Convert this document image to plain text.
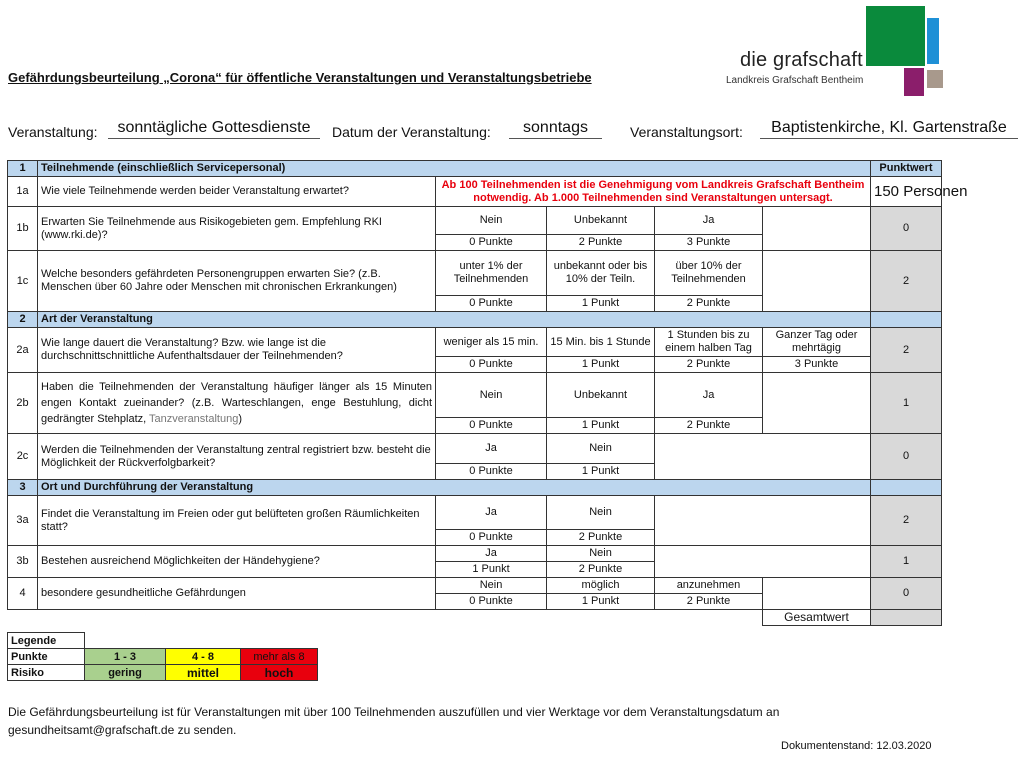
Gefährdungsbeurteilung „Corona“ für öffentliche Veranstaltungen und Veranstaltungsbetriebe
die grafschaft
Landkreis Grafschaft Bentheim
Veranstaltung:	sonntägliche Gottesdienste	Datum der Veranstaltung:	sonntags	Veranstaltungsort:	Baptistenkirche, Kl. Gartenstraße
1	Teilnehmende (einschließlich Servicepersonal)					Punktwert
1a	Wie viele Teilnehmende werden beider Veranstaltung erwartet?	Ab 100 Teilnehmenden ist die Genehmigung vom Landkreis Grafschaft Bentheim notwendig. Ab 1.000 Teilnehmenden sind Veranstaltungen untersagt.				150 Personen
1b	Erwarten Sie Teilnehmende aus Risikogebieten gem. Empfehlung RKI (www.rki.de)?	Nein	Unbekannt	Ja		0
		0 Punkte	2 Punkte	3 Punkte		
1c	Welche besonders gefährdeten Personengruppen erwarten Sie? (z.B. Menschen über 60 Jahre oder Menschen mit chronischen Erkrankungen)	unter 1% der Teilnehmenden	unbekannt oder bis 10% der Teiln.	über 10% der Teilnehmenden		2
		0 Punkte	1 Punkt	2 Punkte		
2	Art der Veranstaltung					
2a	Wie lange dauert die Veranstaltung? Bzw. wie lange ist die durchschnittschnittliche Aufenthaltsdauer der Teilnehmenden?	weniger als 15 min.	15 Min. bis 1 Stunde	1 Stunden bis zu einem halben Tag	Ganzer Tag oder mehrtägig	2
		0 Punkte	1 Punkt	2 Punkte	3 Punkte	
2b	Haben die Teilnehmenden der Veranstaltung häufiger länger als 15 Minuten engen Kontakt zueinander? (z.B. Warteschlangen, enge Bestuhlung, dicht gedrängter Stehplatz, Tanzveranstaltung)	Nein	Unbekannt	Ja		1
		0 Punkte	1 Punkt	2 Punkte		
2c	Werden die Teilnehmenden der Veranstaltung zentral registriert bzw. besteht die Möglichkeit der Rückverfolgbarkeit?	Ja	Nein			0
		0 Punkte	1 Punkt			
3	Ort und Durchführung der Veranstaltung					
3a	Findet die Veranstaltung im Freien oder gut belüfteten großen Räumlichkeiten statt?	Ja	Nein			2
		0 Punkte	2 Punkte			
3b	Bestehen ausreichend Möglichkeiten der Händehygiene?	Ja	Nein			1
		1 Punkt	2 Punkte			
4	besondere gesundheitliche Gefährdungen	Nein	möglich	anzunehmen		0
		0 Punkte	1 Punkt	2 Punkte		
					Gesamtwert	
Legende			
Punkte	1 - 3	4 - 8	mehr als 8
Risiko	gering	mittel	hoch
Die Gefährdungsbeurteilung ist für Veranstaltungen mit über 100 Teilnehmenden auszufüllen und vier Werktage vor dem Veranstaltungsdatum an gesundheitsamt@grafschaft.de zu senden.
Dokumentenstand: 12.03.2020
